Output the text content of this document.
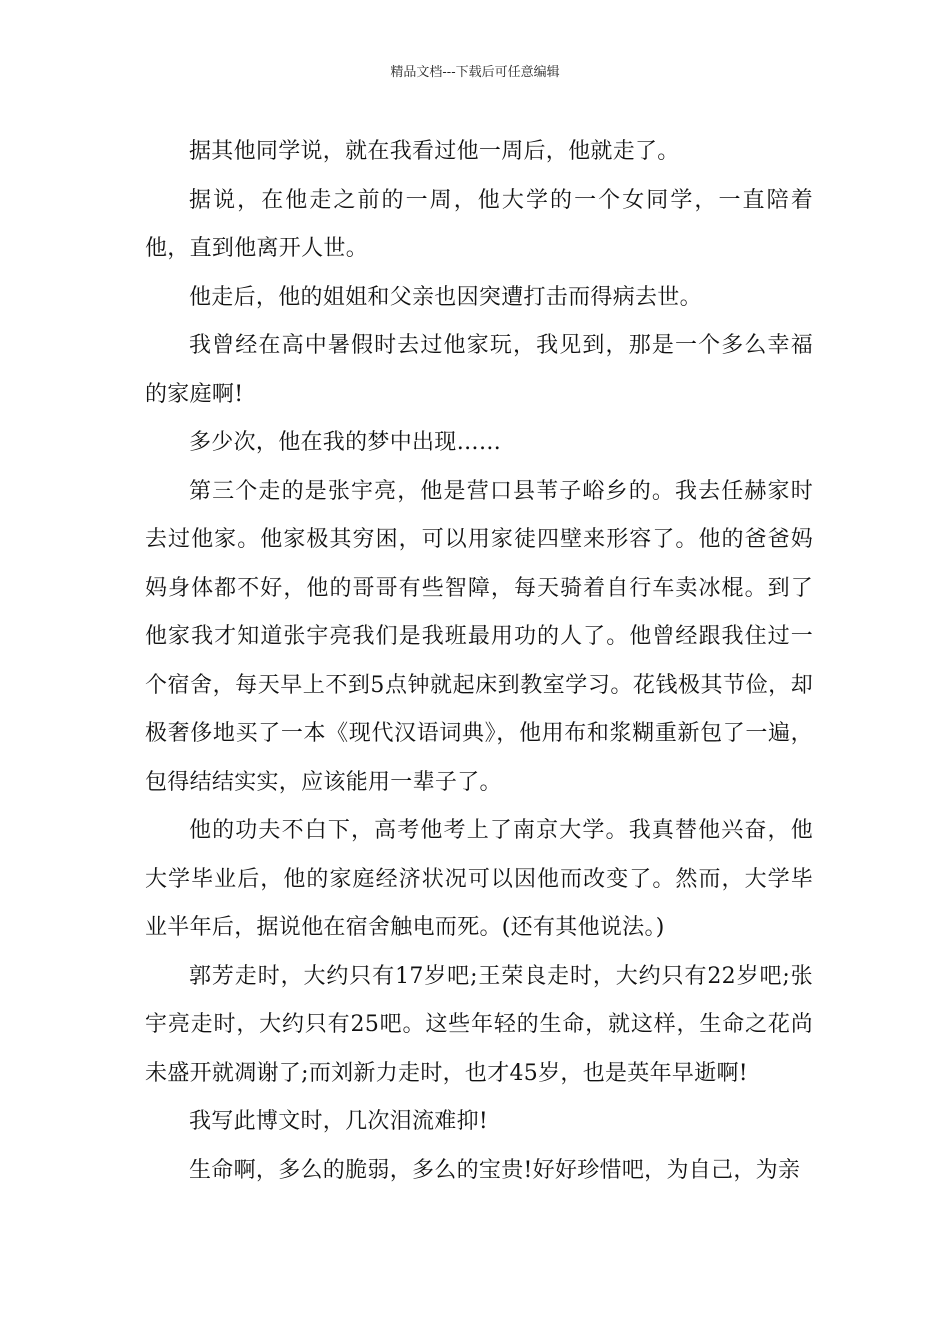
精品文档---下载后可任意编辑

据其他同学说，就在我看过他一周后，他就走了。

据说，在他走之前的一周，他大学的一个女同学，一直陪着他，直到他离开人世。

他走后，他的姐姐和父亲也因突遭打击而得病去世。

我曾经在高中暑假时去过他家玩，我见到，那是一个多么幸福的家庭啊!

多少次，他在我的梦中出现……

第三个走的是张宇亮，他是营口县苇子峪乡的。我去任赫家时去过他家。他家极其穷困，可以用家徒四壁来形容了。他的爸爸妈妈身体都不好，他的哥哥有些智障，每天骑着自行车卖冰棍。到了他家我才知道张宇亮我们是我班最用功的人了。他曾经跟我住过一个宿舍，每天早上不到5点钟就起床到教室学习。花钱极其节俭，却极奢侈地买了一本《现代汉语词典》，他用布和浆糊重新包了一遍，包得结结实实，应该能用一辈子了。

他的功夫不白下，高考他考上了南京大学。我真替他兴奋，他大学毕业后，他的家庭经济状况可以因他而改变了。然而，大学毕业半年后，据说他在宿舍触电而死。(还有其他说法。)

郭芳走时，大约只有17岁吧;王荣良走时，大约只有22岁吧;张宇亮走时，大约只有25吧。这些年轻的生命，就这样，生命之花尚未盛开就凋谢了;而刘新力走时，也才45岁，也是英年早逝啊!

我写此博文时，几次泪流难抑!

生命啊，多么的脆弱，多么的宝贵!好好珍惜吧，为自己，为亲
